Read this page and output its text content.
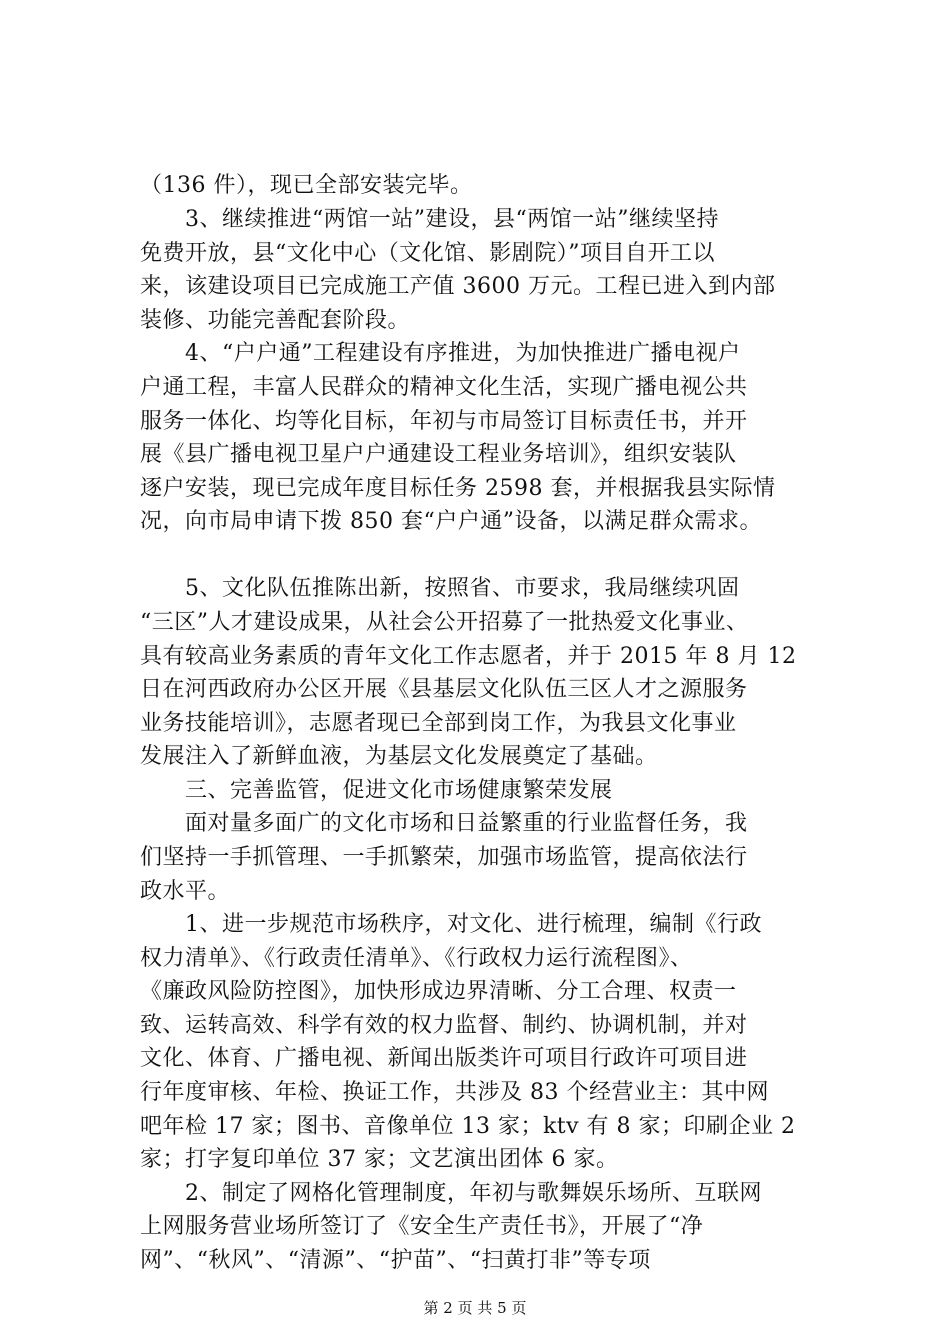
（136 件），现已全部安装完毕。
　　3、继续推进“两馆一站”建设，县“两馆一站”继续坚持
免费开放，县“文化中心（文化馆、影剧院）”项目自开工以
来，该建设项目已完成施工产值 3600 万元。工程已进入到内部
装修、功能完善配套阶段。
　　4、“户户通”工程建设有序推进，为加快推进广播电视户
户通工程，丰富人民群众的精神文化生活，实现广播电视公共
服务一体化、均等化目标，年初与市局签订目标责任书，并开
展《县广播电视卫星户户通建设工程业务培训》，组织安装队
逐户安装，现已完成年度目标任务 2598 套，并根据我县实际情
况，向市局申请下拨 850 套“户户通”设备，以满足群众需求。
　　5、文化队伍推陈出新，按照省、市要求，我局继续巩固
“三区”人才建设成果，从社会公开招募了一批热爱文化事业、
具有较高业务素质的青年文化工作志愿者，并于 2015 年 8 月 12
日在河西政府办公区开展《县基层文化队伍三区人才之源服务
业务技能培训》，志愿者现已全部到岗工作，为我县文化事业
发展注入了新鲜血液，为基层文化发展奠定了基础。
　　三、完善监管，促进文化市场健康繁荣发展
　　面对量多面广的文化市场和日益繁重的行业监督任务，我
们坚持一手抓管理、一手抓繁荣，加强市场监管，提高依法行
政水平。
　　1、进一步规范市场秩序，对文化、进行梳理，编制《行政
权力清单》、《行政责任清单》、《行政权力运行流程图》、
《廉政风险防控图》，加快形成边界清晰、分工合理、权责一
致、运转高效、科学有效的权力监督、制约、协调机制，并对
文化、体育、广播电视、新闻出版类许可项目行政许可项目进
行年度审核、年检、换证工作，共涉及 83 个经营业主：其中网
吧年检 17 家；图书、音像单位 13 家；ktv 有 8 家；印刷企业 2
家；打字复印单位 37 家；文艺演出团体 6 家。
　　2、制定了网格化管理制度，年初与歌舞娱乐场所、互联网
上网服务营业场所签订了《安全生产责任书》，开展了“净
网”、“秋风”、“清源”、“护苗”、“扫黄打非”等专项
第 2 页 共 5 页
